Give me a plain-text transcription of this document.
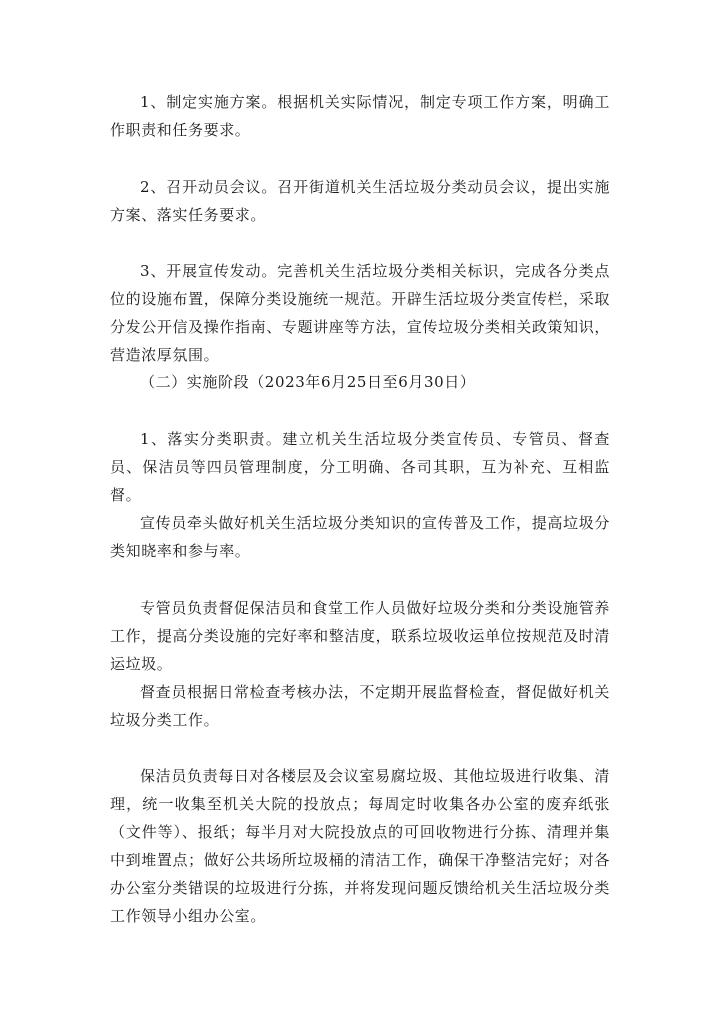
1、制定实施方案。根据机关实际情况，制定专项工作方案，明确工作职责和任务要求。

2、召开动员会议。召开街道机关生活垃圾分类动员会议，提出实施方案、落实任务要求。

3、开展宣传发动。完善机关生活垃圾分类相关标识，完成各分类点位的设施布置，保障分类设施统一规范。开辟生活垃圾分类宣传栏，采取分发公开信及操作指南、专题讲座等方法，宣传垃圾分类相关政策知识，营造浓厚氛围。

（二）实施阶段（2023年6月25日至6月30日）

1、落实分类职责。建立机关生活垃圾分类宣传员、专管员、督查员、保洁员等四员管理制度，分工明确、各司其职，互为补充、互相监督。

宣传员牵头做好机关生活垃圾分类知识的宣传普及工作，提高垃圾分类知晓率和参与率。

专管员负责督促保洁员和食堂工作人员做好垃圾分类和分类设施管养工作，提高分类设施的完好率和整洁度，联系垃圾收运单位按规范及时清运垃圾。

督查员根据日常检查考核办法，不定期开展监督检查，督促做好机关垃圾分类工作。

保洁员负责每日对各楼层及会议室易腐垃圾、其他垃圾进行收集、清理，统一收集至机关大院的投放点；每周定时收集各办公室的废弃纸张（文件等）、报纸；每半月对大院投放点的可回收物进行分拣、清理并集中到堆置点；做好公共场所垃圾桶的清洁工作，确保干净整洁完好；对各办公室分类错误的垃圾进行分拣，并将发现问题反馈给机关生活垃圾分类工作领导小组办公室。
